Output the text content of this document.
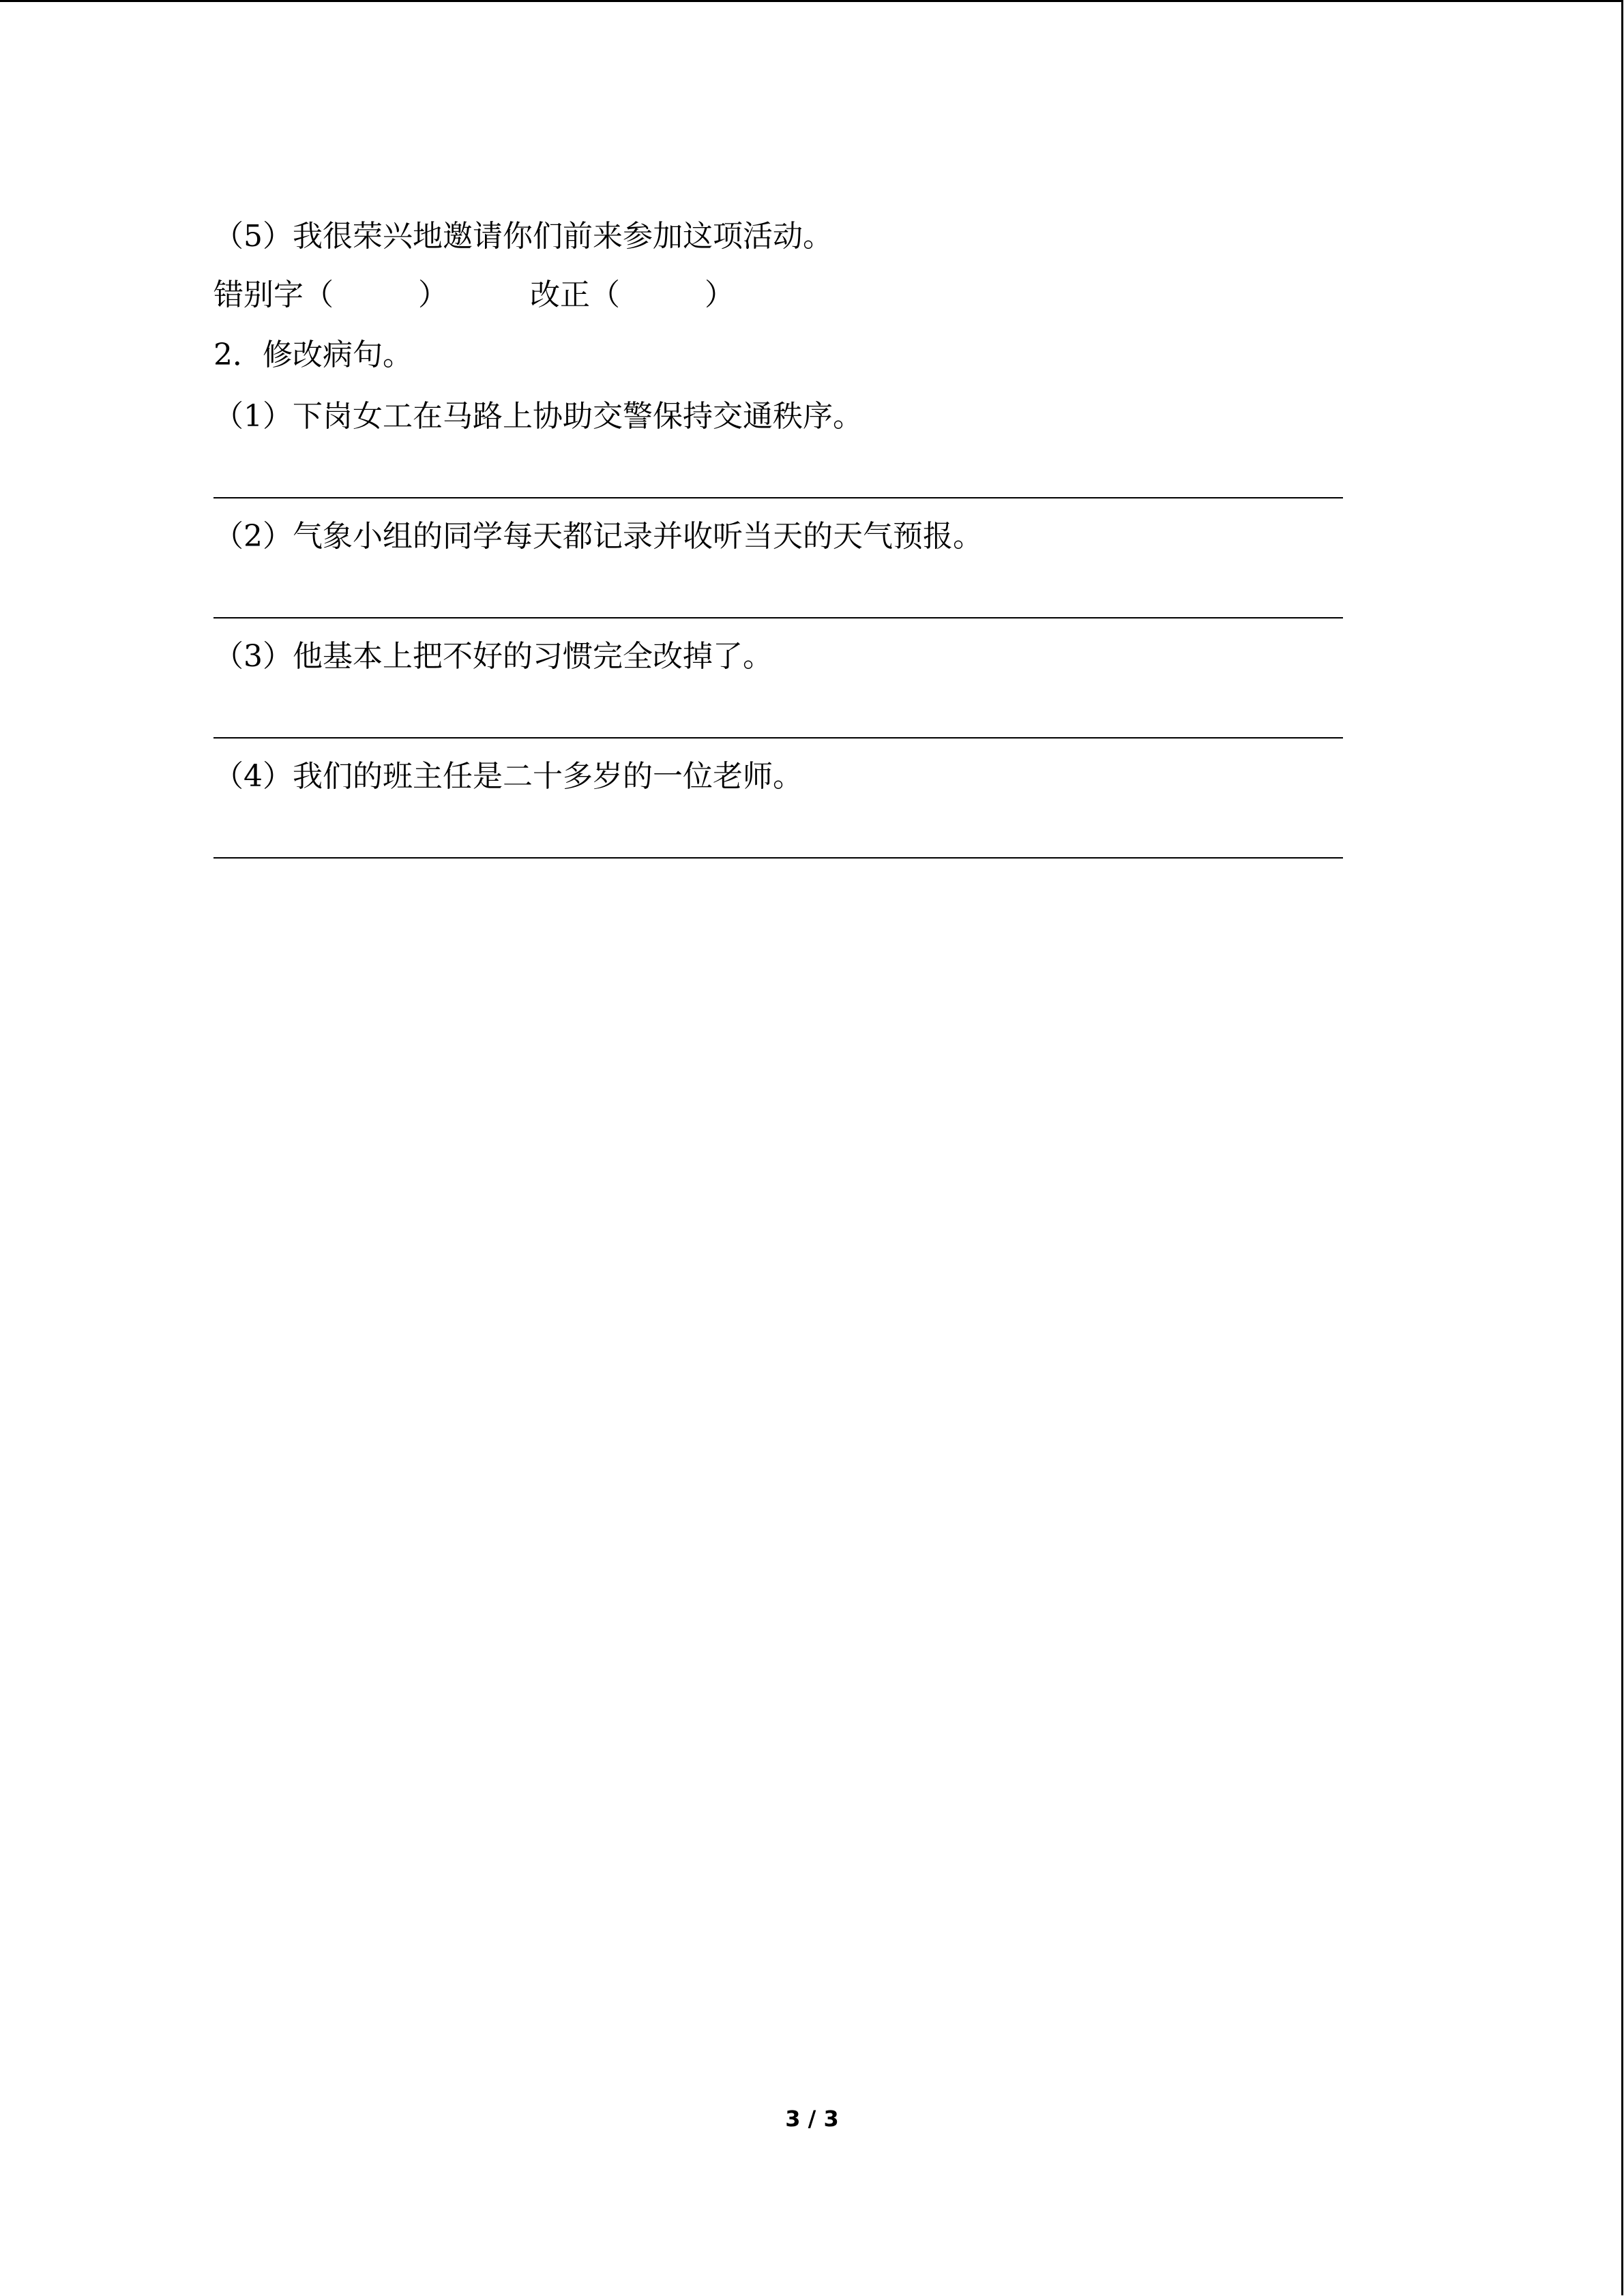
（5）我很荣兴地邀请你们前来参加这项活动。

错别字（

	）

	改正（

	）

2．修改病句。
（1）下岗女工在马路上协助交警保持交通秩序。
（2）气象小组的同学每天都记录并收听当天的天气预报。
（3）他基本上把不好的习惯完全改掉了。
（4）我们的班主任是二十多岁的一位老师。
3 / 3
